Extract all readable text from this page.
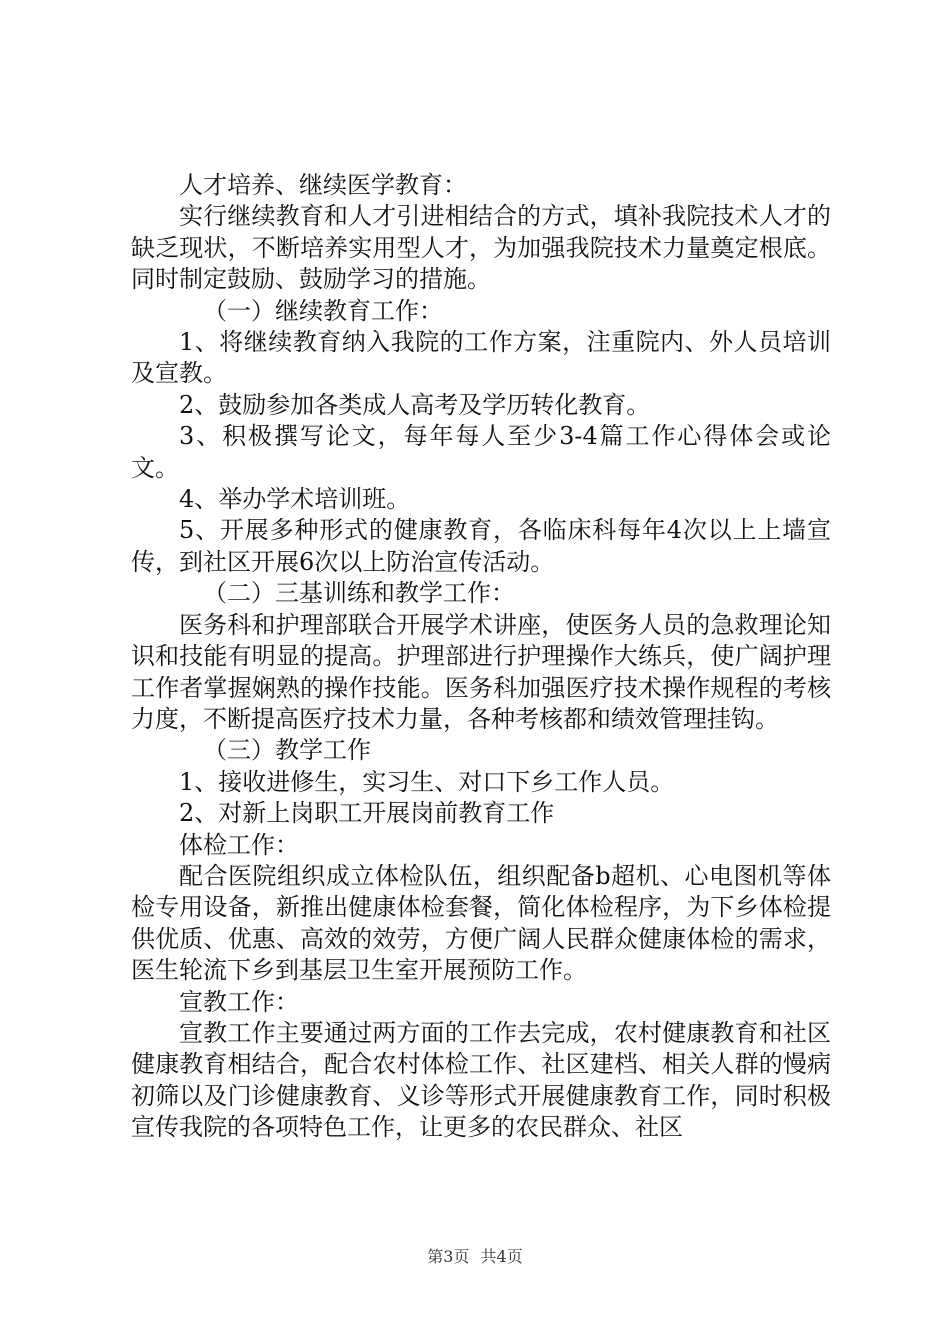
人才培养、继续医学教育：

实行继续教育和人才引进相结合的方式，填补我院技术人才的缺乏现状，不断培养实用型人才，为加强我院技术力量奠定根底。同时制定鼓励、鼓励学习的措施。

（一）继续教育工作：

1、将继续教育纳入我院的工作方案，注重院内、外人员培训及宣教。

2、鼓励参加各类成人高考及学历转化教育。

3、积极撰写论文，每年每人至少3-4篇工作心得体会或论文。

4、举办学术培训班。

5、开展多种形式的健康教育，各临床科每年4次以上上墙宣传，到社区开展6次以上防治宣传活动。

（二）三基训练和教学工作：

医务科和护理部联合开展学术讲座，使医务人员的急救理论知识和技能有明显的提高。护理部进行护理操作大练兵，使广阔护理工作者掌握娴熟的操作技能。医务科加强医疗技术操作规程的考核力度，不断提高医疗技术力量，各种考核都和绩效管理挂钩。

（三）教学工作

1、接收进修生，实习生、对口下乡工作人员。

2、对新上岗职工开展岗前教育工作

体检工作：

配合医院组织成立体检队伍，组织配备b超机、心电图机等体检专用设备，新推出健康体检套餐，简化体检程序，为下乡体检提供优质、优惠、高效的效劳，方便广阔人民群众健康体检的需求，医生轮流下乡到基层卫生室开展预防工作。

宣教工作：

宣教工作主要通过两方面的工作去完成，农村健康教育和社区健康教育相结合，配合农村体检工作、社区建档、相关人群的慢病初筛以及门诊健康教育、义诊等形式开展健康教育工作，同时积极宣传我院的各项特色工作，让更多的农民群众、社区

第3页 共4页
